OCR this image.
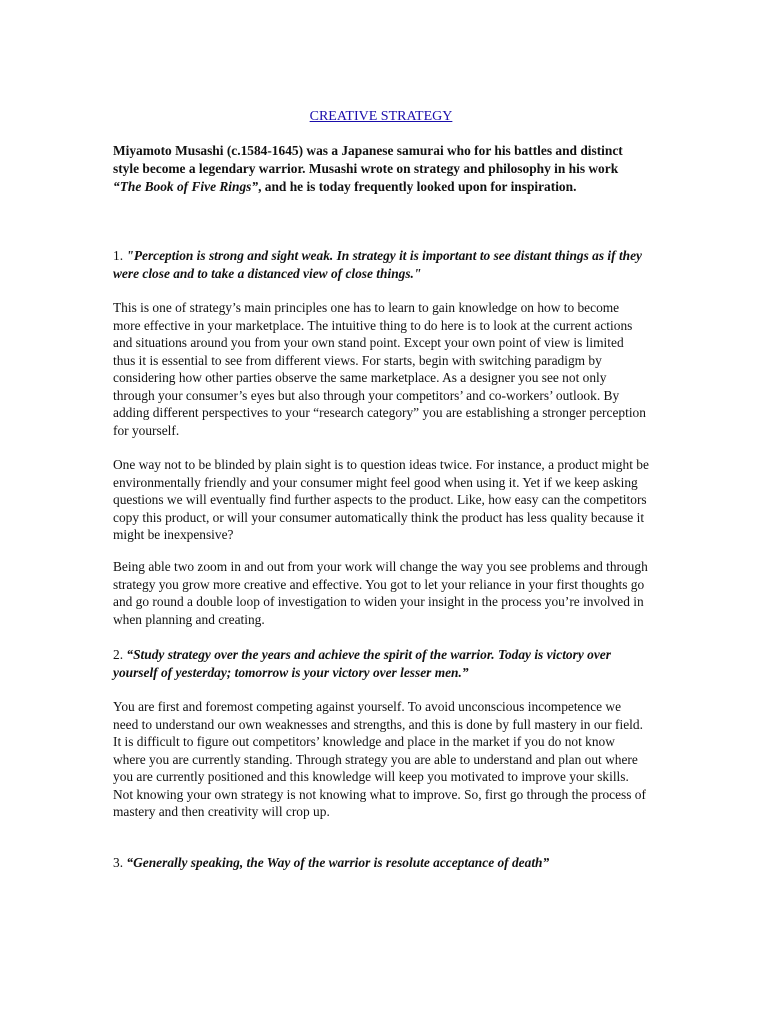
CREATIVE STRATEGY

Miyamoto Musashi (c.1584-1645) was a Japanese samurai who for his battles and distinct style become a legendary warrior. Musashi wrote on strategy and philosophy in his work “The Book of Five Rings”, and he is today frequently looked upon for inspiration.

1. "Perception is strong and sight weak. In strategy it is important to see distant things as if they were close and to take a distanced view of close things."

This is one of strategy’s main principles one has to learn to gain knowledge on how to become more effective in your marketplace. The intuitive thing to do here is to look at the current actions and situations around you from your own stand point. Except your own point of view is limited thus it is essential to see from different views. For starts, begin with switching paradigm by considering how other parties observe the same marketplace. As a designer you see not only through your consumer’s eyes but also through your competitors’ and co-workers’ outlook. By adding different perspectives to your “research category” you are establishing a stronger perception for yourself.

One way not to be blinded by plain sight is to question ideas twice. For instance, a product might be environmentally friendly and your consumer might feel good when using it. Yet if we keep asking questions we will eventually find further aspects to the product. Like, how easy can the competitors copy this product, or will your consumer automatically think the product has less quality because it might be inexpensive?

Being able two zoom in and out from your work will change the way you see problems and through strategy you grow more creative and effective. You got to let your reliance in your first thoughts go and go round a double loop of investigation to widen your insight in the process you’re involved in when planning and creating.

2. “Study strategy over the years and achieve the spirit of the warrior. Today is victory over yourself of yesterday; tomorrow is your victory over lesser men.”

You are first and foremost competing against yourself. To avoid unconscious incompetence we need to understand our own weaknesses and strengths, and this is done by full mastery in our field. It is difficult to figure out competitors’ knowledge and place in the market if you do not know where you are currently standing. Through strategy you are able to understand and plan out where you are currently positioned and this knowledge will keep you motivated to improve your skills. Not knowing your own strategy is not knowing what to improve. So, first go through the process of mastery and then creativity will crop up.

3. “Generally speaking, the Way of the warrior is resolute acceptance of death”
